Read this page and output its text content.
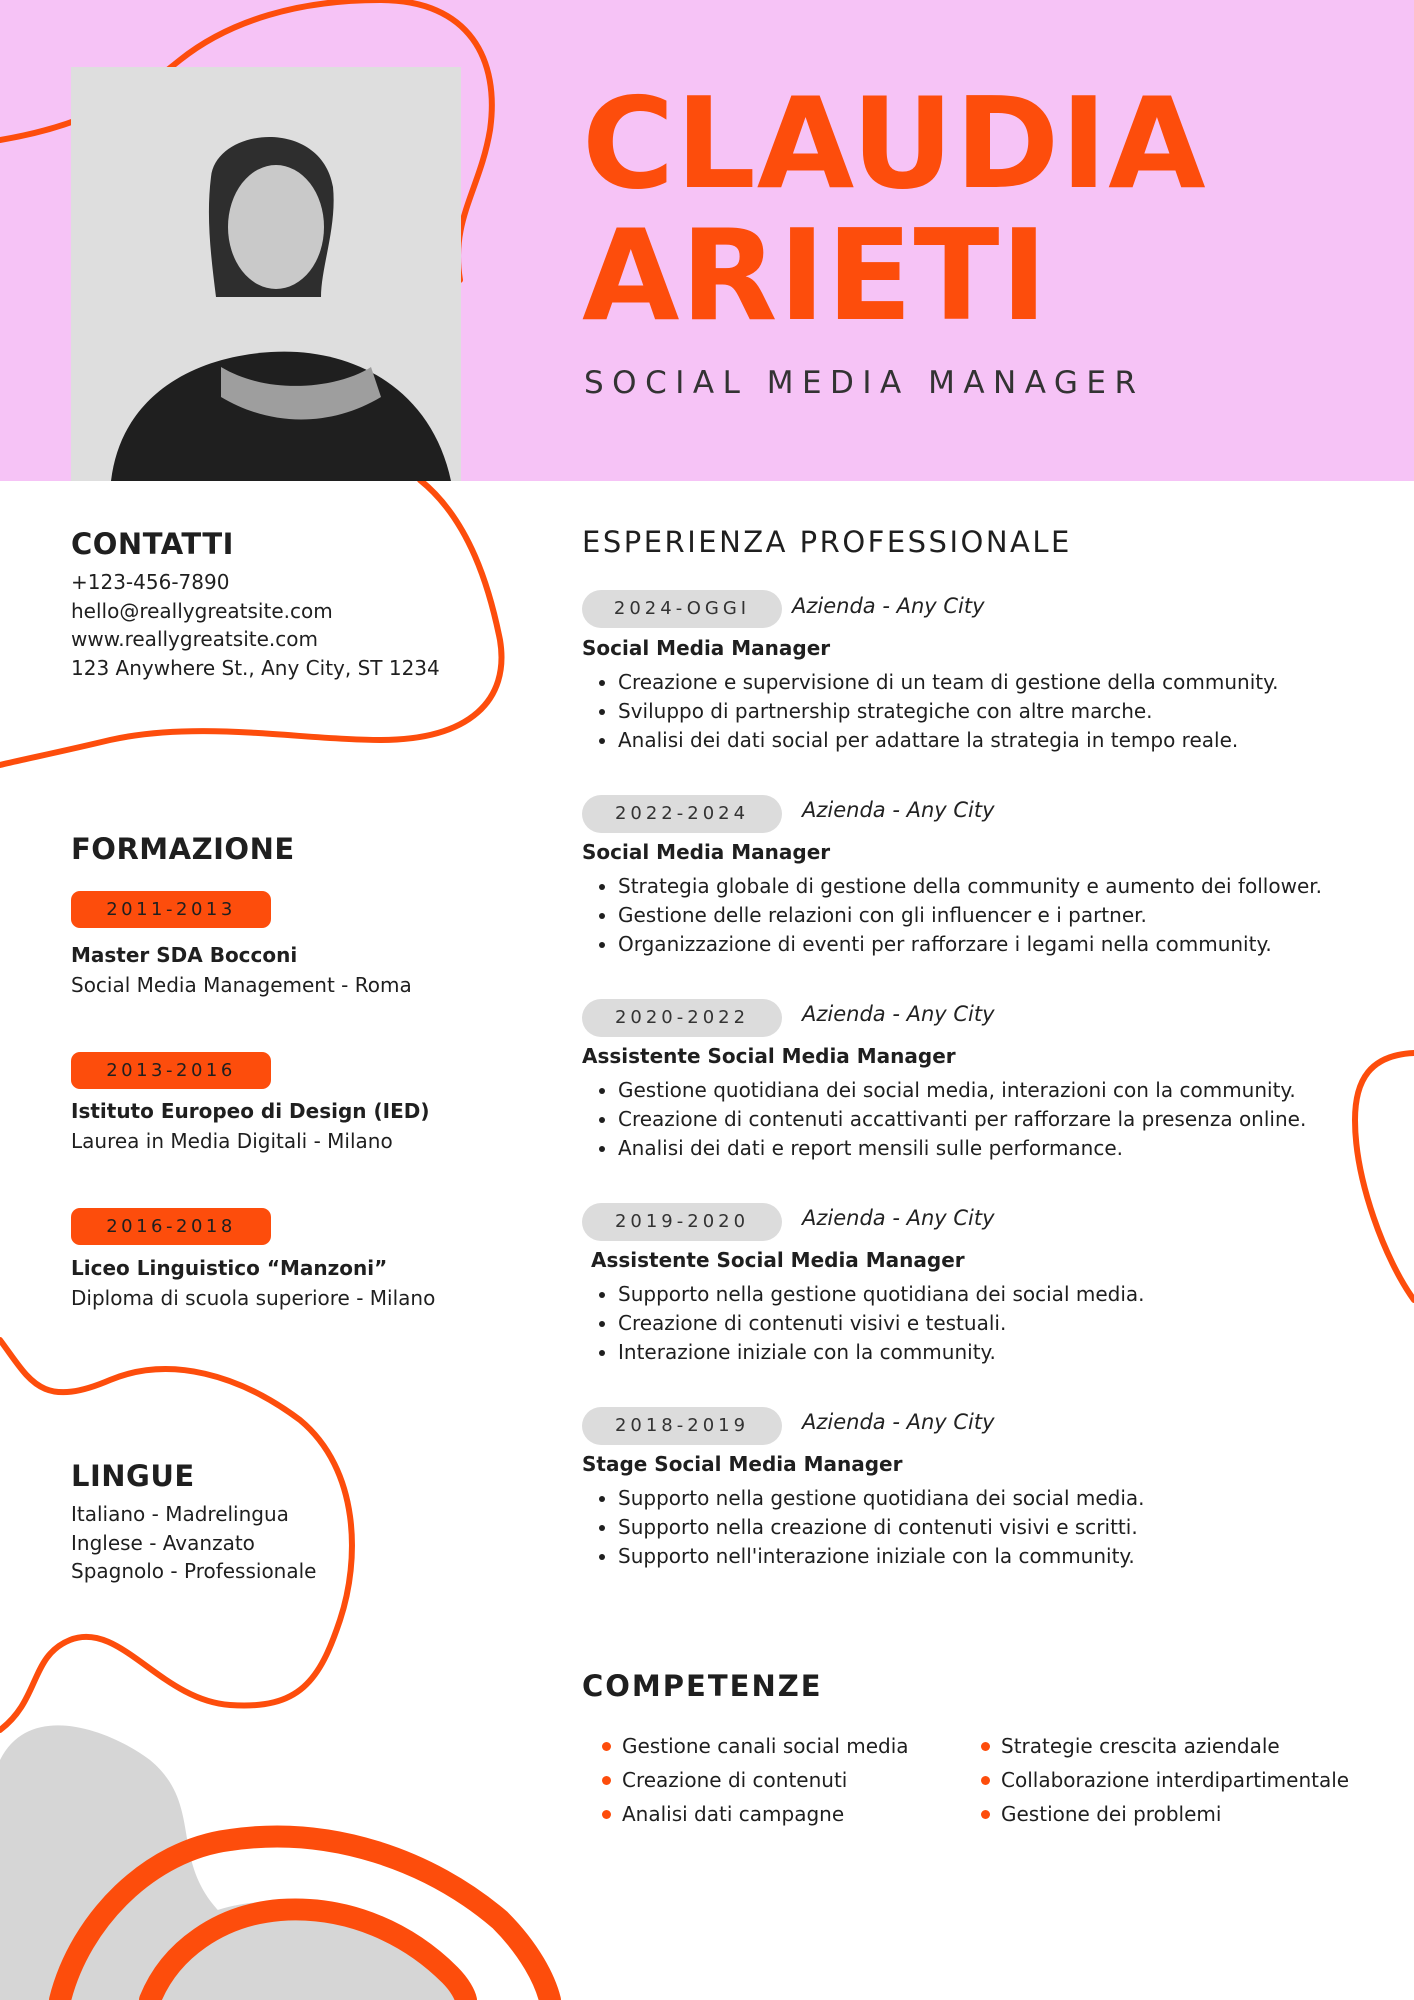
CLAUDIA
ARIETI
SOCIAL MEDIA MANAGER
CONTATTI
+123-456-7890
hello@reallygreatsite.com
www.reallygreatsite.com
123 Anywhere St., Any City, ST 1234
FORMAZIONE
2011-2013
Master SDA Bocconi
Social Media Management - Roma
2013-2016
Istituto Europeo di Design (IED)
Laurea in Media Digitali - Milano
2016-2018
Liceo Linguistico “Manzoni”
Diploma di scuola superiore - Milano
LINGUE
Italiano - Madrelingua
Inglese - Avanzato
Spagnolo - Professionale
ESPERIENZA PROFESSIONALE
2024-OGGI	Azienda - Any City
Social Media Manager
• Creazione e supervisione di un team di gestione della community.
• Sviluppo di partnership strategiche con altre marche.
• Analisi dei dati social per adattare la strategia in tempo reale.
2022-2024	Azienda - Any City
Social Media Manager
• Strategia globale di gestione della community e aumento dei follower.
• Gestione delle relazioni con gli influencer e i partner.
• Organizzazione di eventi per rafforzare i legami nella community.
2020-2022	Azienda - Any City
Assistente Social Media Manager
• Gestione quotidiana dei social media, interazioni con la community.
• Creazione di contenuti accattivanti per rafforzare la presenza online.
• Analisi dei dati e report mensili sulle performance.
2019-2020	Azienda - Any City
Assistente Social Media Manager
• Supporto nella gestione quotidiana dei social media.
• Creazione di contenuti visivi e testuali.
• Interazione iniziale con la community.
2018-2019	Azienda - Any City
Stage Social Media Manager
• Supporto nella gestione quotidiana dei social media.
• Supporto nella creazione di contenuti visivi e scritti.
• Supporto nell'interazione iniziale con la community.
COMPETENZE
Gestione canali social media
Creazione di contenuti
Analisi dati campagne
Strategie crescita aziendale
Collaborazione interdipartimentale
Gestione dei problemi
